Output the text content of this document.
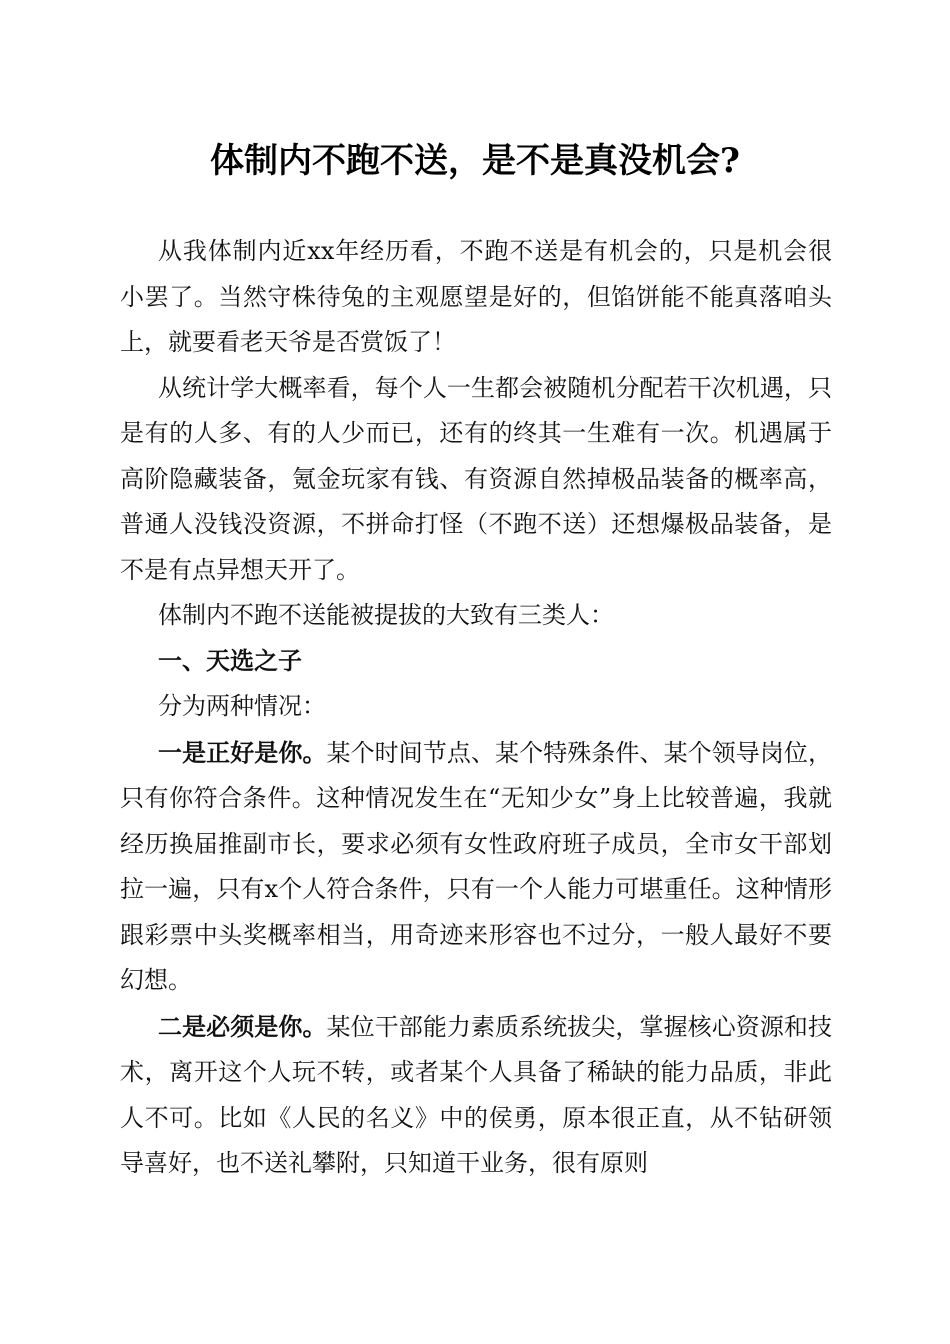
体制内不跑不送，是不是真没机会?

从我体制内近xx年经历看，不跑不送是有机会的，只是机会很小罢了。当然守株待兔的主观愿望是好的，但馅饼能不能真落咱头上，就要看老天爷是否赏饭了！

从统计学大概率看，每个人一生都会被随机分配若干次机遇，只是有的人多、有的人少而已，还有的终其一生难有一次。机遇属于高阶隐藏装备，氪金玩家有钱、有资源自然掉极品装备的概率高，普通人没钱没资源，不拼命打怪（不跑不送）还想爆极品装备，是不是有点异想天开了。

体制内不跑不送能被提拔的大致有三类人：

一、天选之子

分为两种情况：

一是正好是你。某个时间节点、某个特殊条件、某个领导岗位，只有你符合条件。这种情况发生在“无知少女”身上比较普遍，我就经历换届推副市长，要求必须有女性政府班子成员，全市女干部划拉一遍，只有x个人符合条件，只有一个人能力可堪重任。这种情形跟彩票中头奖概率相当，用奇迹来形容也不过分，一般人最好不要幻想。

二是必须是你。某位干部能力素质系统拔尖，掌握核心资源和技术，离开这个人玩不转，或者某个人具备了稀缺的能力品质，非此人不可。比如《人民的名义》中的侯勇，原本很正直，从不钻研领导喜好，也不送礼攀附，只知道干业务，很有原则
